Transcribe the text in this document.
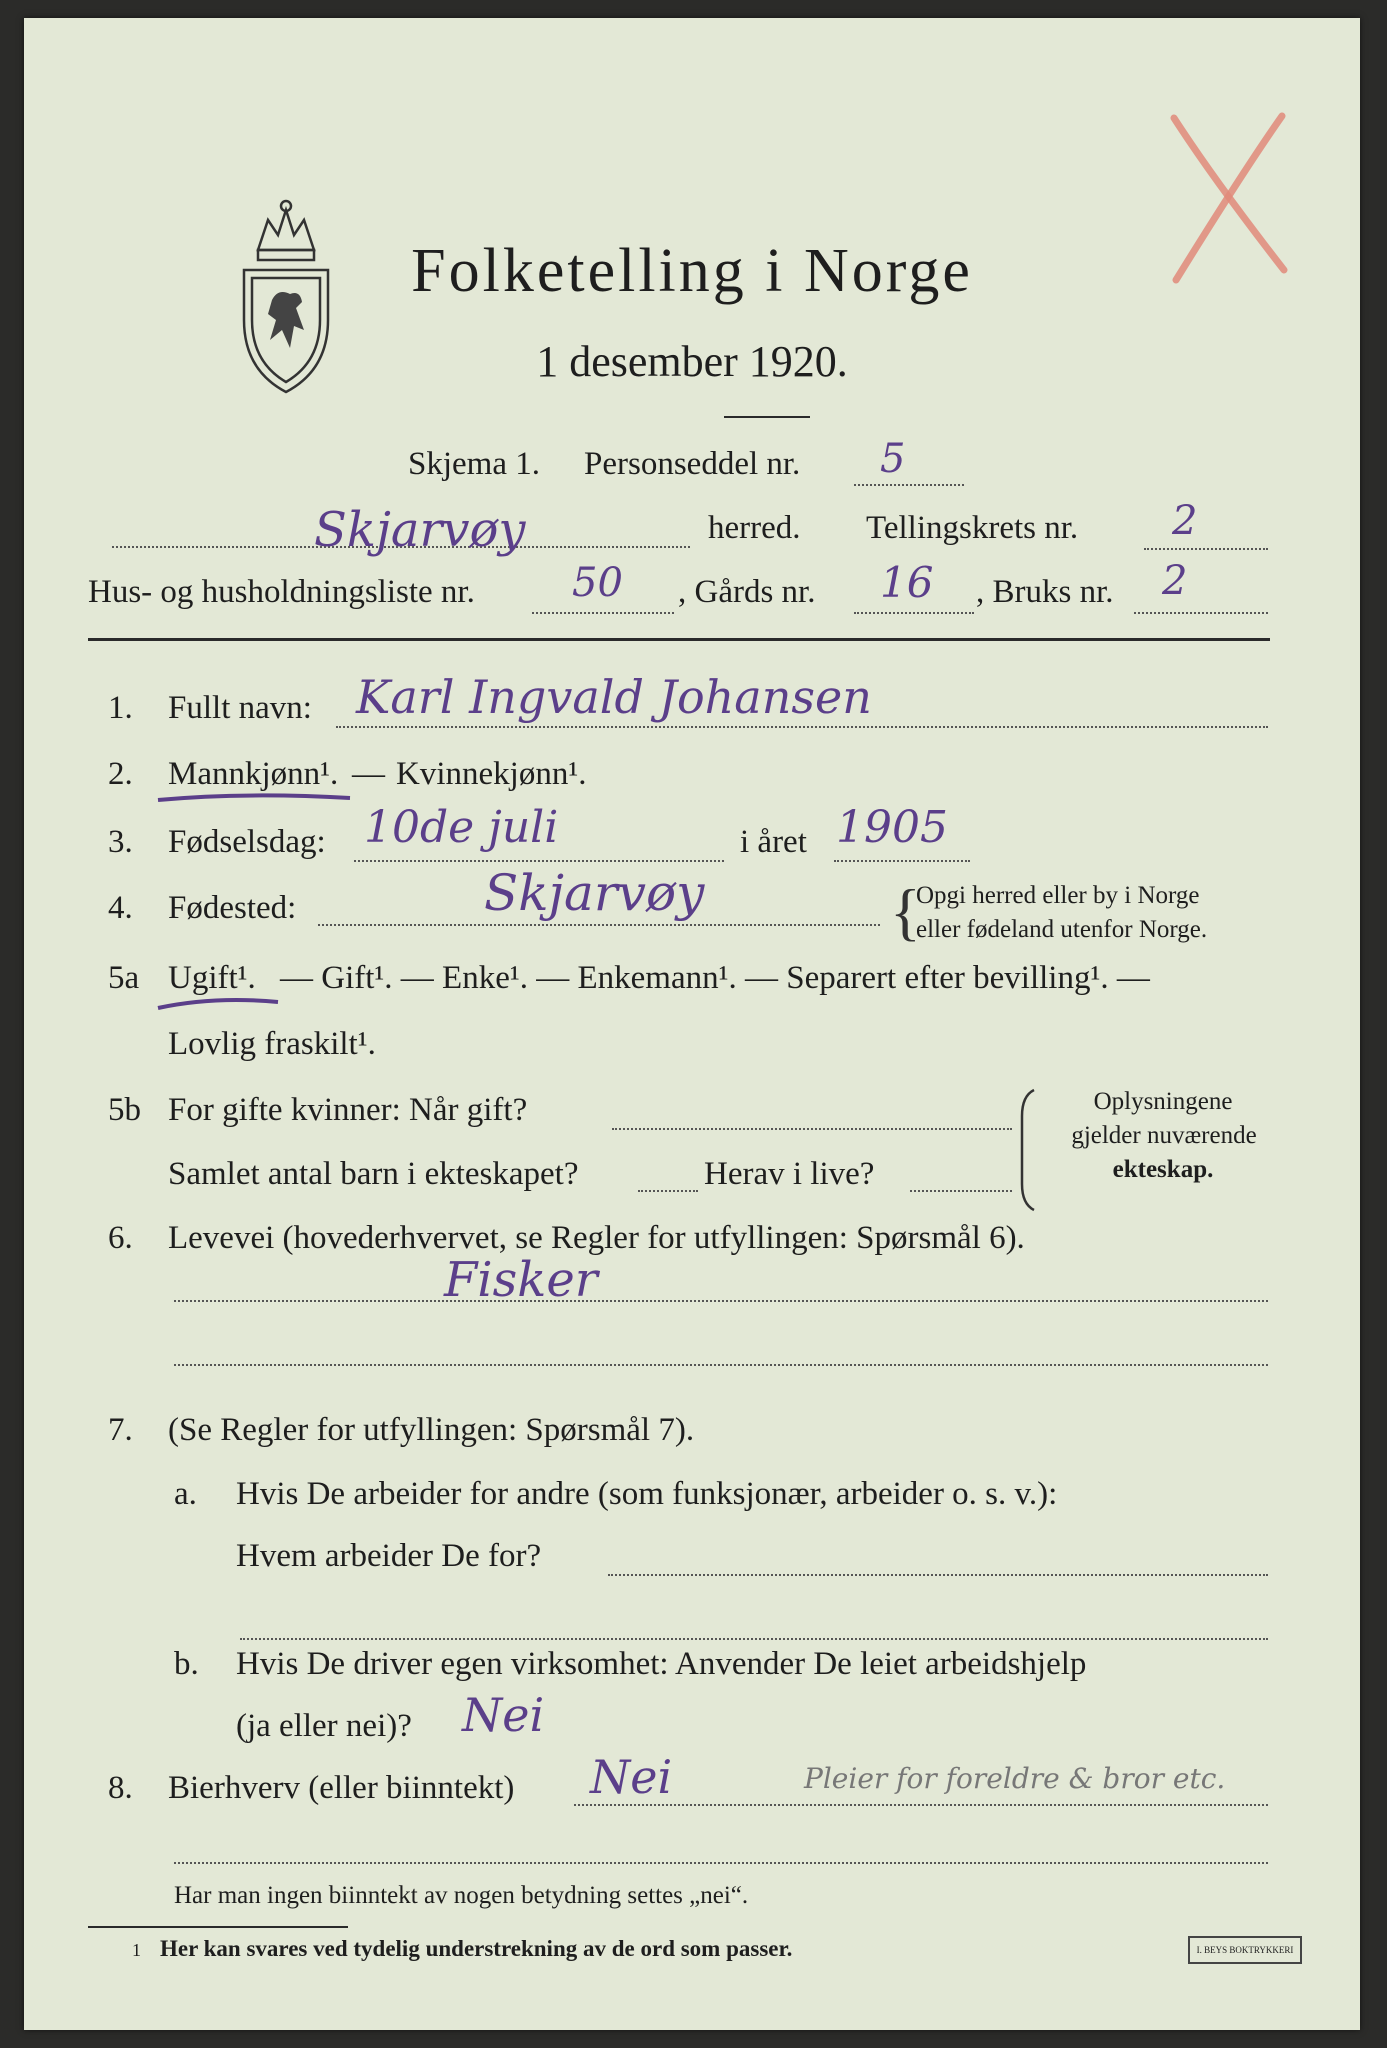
Folketelling i Norge
1 desember 1920.
Skjema 1. Personseddel nr. 5
Skjarvøy	herred. Tellingskrets nr. 2
Hus- og husholdningsliste nr. 50 , Gårds nr. 16 , Bruks nr. 2
1. Fullt navn: Karl Ingvald Johansen
2. Mannkjønn¹. — Kvinnekjønn¹.
3. Fødselsdag: 10de juli	i året 1905
4. Fødested:	Skjarvøy	{
Opgi herred eller by i Norge
eller fødeland utenfor Norge.
5a Ugift¹. — Gift¹. — Enke¹. — Enkemann¹. — Separert efter bevilling¹. —
Lovlig fraskilt¹.
5b For gifte kvinner: Når gift?
Samlet antal barn i ekteskapet?	Herav i live?
Oplysningene
gjelder nuværende
ekteskap.
6. Levevei (hovederhvervet, se Regler for utfyllingen: Spørsmål 6).
Fisker
7. (Se Regler for utfyllingen: Spørsmål 7).
a. Hvis De arbeider for andre (som funksjonær, arbeider o. s. v.):
Hvem arbeider De for?
b. Hvis De driver egen virksomhet: Anvender De leiet arbeidshjelp
(ja eller nei)? Nei
8. Bierhverv (eller biinntekt) Nei	Pleier for foreldre & bror etc.
Har man ingen biinntekt av nogen betydning settes „nei“.
1 Her kan svares ved tydelig understrekning av de ord som passer.	I. BEYS BOKTRYKKERI
